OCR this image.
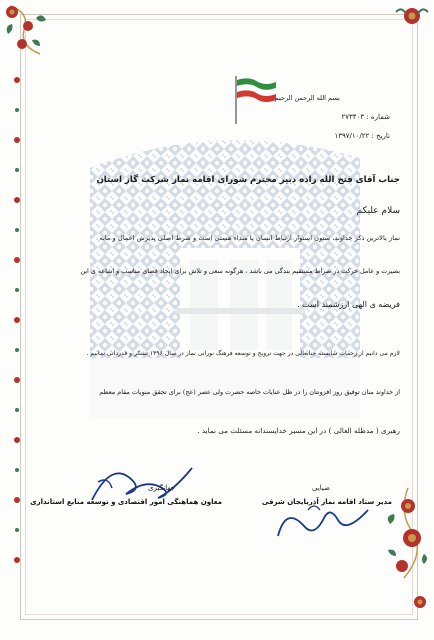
بسم الله الرحمن الرحیم
شماره : ۲۷۳۴۰۳
تاریخ : ۱۳۹۷/۱۰/۲۲
جناب آقای فتح الله زاده دبیر محترم شورای اقامه نماز شرکت گاز استان
سلام علیکم
نماز بالاترین ذکر خداوند، ستون استوار ارتباط انسان با مبداء هستی است و شرط اصلی پذیرش اعمال و مایه
بصیرت و عامل حرکت در صراط مستقیم بندگی می باشد ، هرگونه سعی و تلاش برای ایجاد فضای مناسب و اشاعه ی این
فریضه ی الهی ارزشمند است .
لازم می دانیم از زحمات شایسته جنابعالی در جهت ترویج و توسعه فرهنگ نورانی نماز در سال ۱۳۹۶ تشکر و قدردانی نماییم .
از خداوند منان توفیق روز افزونتان را در ظل عنایات خاصه حضرت ولی عصر (عج) برای تحقق منویات مقام معظم
رهبری ( مدظله العالی ) در این مسیر خداپسندانه مسئلت می نماید .
جهانگیری
معاون هماهنگی امور اقتصادی و توسعه منابع استانداری
ضیایی
مدیر ستاد اقامه نماز آذربایجان شرقی
